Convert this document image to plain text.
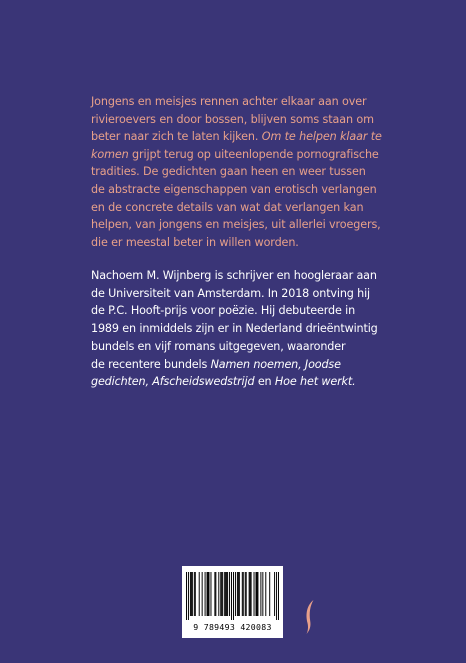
Jongens en meisjes rennen achter elkaar aan over
rivieroevers en door bossen, blijven soms staan om
beter naar zich te laten kijken. Om te helpen klaar te
komen grijpt terug op uiteenlopende pornografische
tradities. De gedichten gaan heen en weer tussen
de abstracte eigenschappen van erotisch verlangen
en de concrete details van wat dat verlangen kan
helpen, van jongens en meisjes, uit allerlei vroegers,
die er meestal beter in willen worden.
Nachoem M. Wijnberg is schrijver en hoogleraar aan
de Universiteit van Amsterdam. In 2018 ontving hij
de P.C. Hooft-prijs voor poëzie. Hij debuteerde in
1989 en inmiddels zijn er in Nederland drieëntwintig
bundels en vijf romans uitgegeven, waaronder
de recentere bundels Namen noemen, Joodse
gedichten, Afscheidswedstrijd en Hoe het werkt.
9 789493 420083
